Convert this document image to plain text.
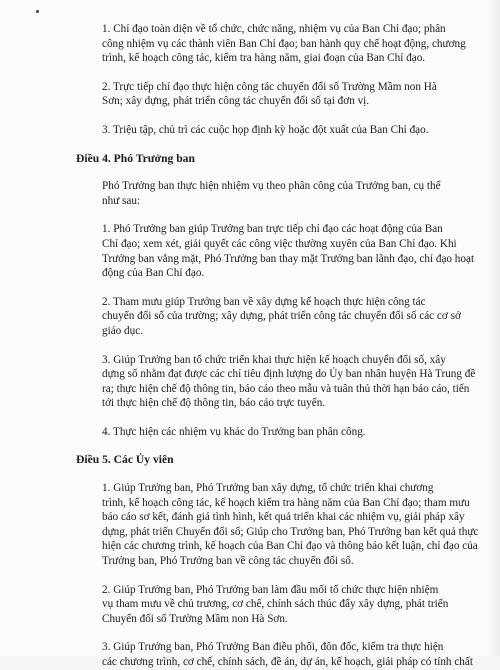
1. Chỉ đạo toàn diện về tổ chức, chức năng, nhiệm vụ của Ban Chỉ đạo; phân
công nhiệm vụ các thành viên Ban Chỉ đạo; ban hành quy chế hoạt động, chương
trình, kế hoạch công tác, kiểm tra hàng năm, giai đoạn của Ban Chỉ đạo.

2. Trực tiếp chỉ đạo thực hiện công tác chuyển đổi số Trường Mầm non Hà
Sơn; xây dựng, phát triển công tác chuyển đổi số tại đơn vị.

3. Triệu tập, chủ trì các cuộc họp định kỳ hoặc đột xuất của Ban Chỉ đạo.

Điều 4. Phó Trưởng ban

Phó Trưởng ban thực hiện nhiệm vụ theo phân công của Trưởng ban, cụ thể
như sau:

1. Phó Trưởng ban giúp Trưởng ban trực tiếp chỉ đạo các hoạt động của Ban
Chỉ đạo; xem xét, giải quyết các công việc thường xuyên của Ban Chỉ đạo. Khi
Trưởng ban vắng mặt, Phó Trưởng ban thay mặt Trưởng ban lãnh đạo, chỉ đạo hoạt
động của Ban Chỉ đạo.

2. Tham mưu giúp Trưởng ban về xây dựng kế hoạch thực hiện công tác
chuyển đổi số của trường; xây dựng, phát triển công tác chuyển đổi số các cơ sở
giáo dục.

3. Giúp Trưởng ban tổ chức triển khai thực hiện kế hoạch chuyển đổi số, xây
dựng số nhằm đạt được các chỉ tiêu định lượng do Ủy ban nhân huyện Hà Trung đề
ra; thực hiện chế độ thông tin, báo cáo theo mẫu và tuân thủ thời hạn báo cáo, tiến
tới thực hiện chế độ thông tin, báo cáo trực tuyến.

4. Thực hiện các nhiệm vụ khác do Trưởng ban phân công.

Điều 5. Các Ủy viên

1. Giúp Trưởng ban, Phó Trưởng ban xây dựng, tổ chức triển khai chương
trình, kế hoạch công tác, kế hoạch kiểm tra hàng năm của Ban Chỉ đạo; tham mưu
báo cáo sơ kết, đánh giá tình hình, kết quả triển khai các nhiệm vụ, giải pháp xây
dựng, phát triển Chuyển đổi số; Giúp cho Trưởng ban, Phó Trưởng ban kết quả thực
hiện các chương trình, kế hoạch của Ban Chỉ đạo và thông báo kết luận, chỉ đạo của
Trưởng ban, Phó Trưởng ban về công tác chuyển đổi số.

2. Giúp Trưởng ban, Phó Trưởng ban làm đầu mối tổ chức thực hiện nhiệm
vụ tham mưu về chủ trương, cơ chế, chính sách thúc đẩy xây dựng, phát triển
Chuyển đổi số Trường Mầm non Hà Sơn.

3. Giúp Trưởng ban, Phó Trưởng Ban điều phối, đôn đốc, kiểm tra thực hiện
các chương trình, cơ chế, chính sách, đề án, dự án, kế hoạch, giải pháp có tính chất
